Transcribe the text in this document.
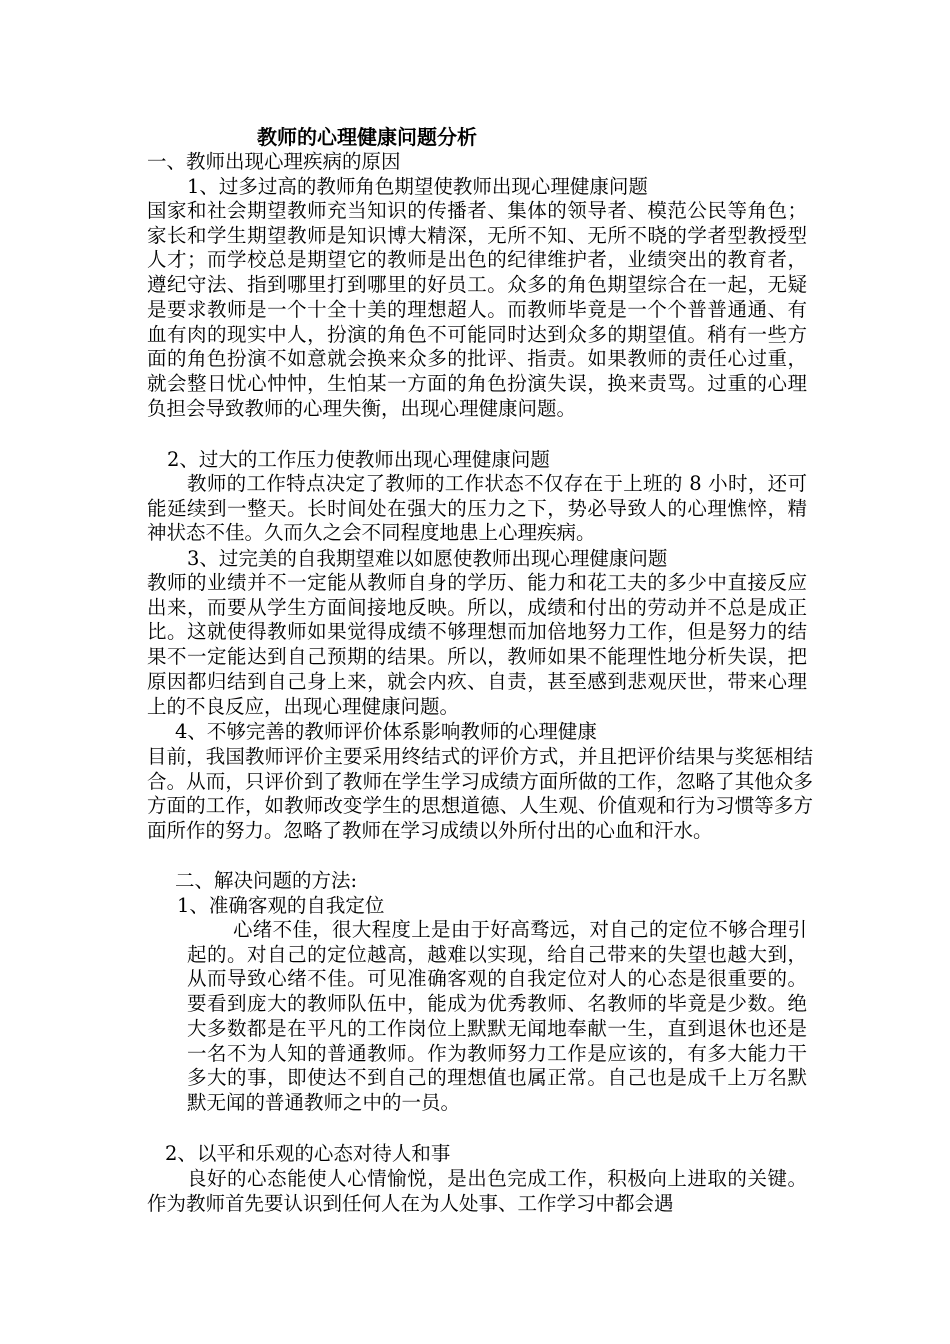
教师的心理健康问题分析
一、教师出现心理疾病的原因
1、过多过高的教师角色期望使教师出现心理健康问题
国家和社会期望教师充当知识的传播者、集体的领导者、模范公民等角色；家长和学生期望教师是知识博大精深，无所不知、无所不晓的学者型教授型人才；而学校总是期望它的教师是出色的纪律维护者，业绩突出的教育者，遵纪守法、指到哪里打到哪里的好员工。众多的角色期望综合在一起，无疑是要求教师是一个十全十美的理想超人。而教师毕竟是一个个普普通通、有血有肉的现实中人，扮演的角色不可能同时达到众多的期望值。稍有一些方面的角色扮演不如意就会换来众多的批评、指责。如果教师的责任心过重，就会整日忧心忡忡，生怕某一方面的角色扮演失误，换来责骂。过重的心理负担会导致教师的心理失衡，出现心理健康问题。
2、过大的工作压力使教师出现心理健康问题
教师的工作特点决定了教师的工作状态不仅存在于上班的 8 小时，还可能延续到一整天。长时间处在强大的压力之下，势必导致人的心理憔悴，精神状态不佳。久而久之会不同程度地患上心理疾病。
3、过完美的自我期望难以如愿使教师出现心理健康问题
教师的业绩并不一定能从教师自身的学历、能力和花工夫的多少中直接反应出来，而要从学生方面间接地反映。所以，成绩和付出的劳动并不总是成正比。这就使得教师如果觉得成绩不够理想而加倍地努力工作，但是努力的结果不一定能达到自己预期的结果。所以，教师如果不能理性地分析失误，把原因都归结到自己身上来，就会内疚、自责，甚至感到悲观厌世，带来心理上的不良反应，出现心理健康问题。
4、不够完善的教师评价体系影响教师的心理健康
目前，我国教师评价主要采用终结式的评价方式，并且把评价结果与奖惩相结合。从而，只评价到了教师在学生学习成绩方面所做的工作，忽略了其他众多方面的工作，如教师改变学生的思想道德、人生观、价值观和行为习惯等多方面所作的努力。忽略了教师在学习成绩以外所付出的心血和汗水。
二、解决问题的方法:
1、准确客观的自我定位
心绪不佳，很大程度上是由于好高骛远，对自己的定位不够合理引起的。对自己的定位越高，越难以实现，给自己带来的失望也越大到，从而导致心绪不佳。可见准确客观的自我定位对人的心态是很重要的。要看到庞大的教师队伍中，能成为优秀教师、名教师的毕竟是少数。绝大多数都是在平凡的工作岗位上默默无闻地奉献一生，直到退休也还是一名不为人知的普通教师。作为教师努力工作是应该的，有多大能力干多大的事，即使达不到自己的理想值也属正常。自己也是成千上万名默默无闻的普通教师之中的一员。
2、以平和乐观的心态对待人和事
良好的心态能使人心情愉悦，是出色完成工作，积极向上进取的关键。作为教师首先要认识到任何人在为人处事、工作学习中都会遇
